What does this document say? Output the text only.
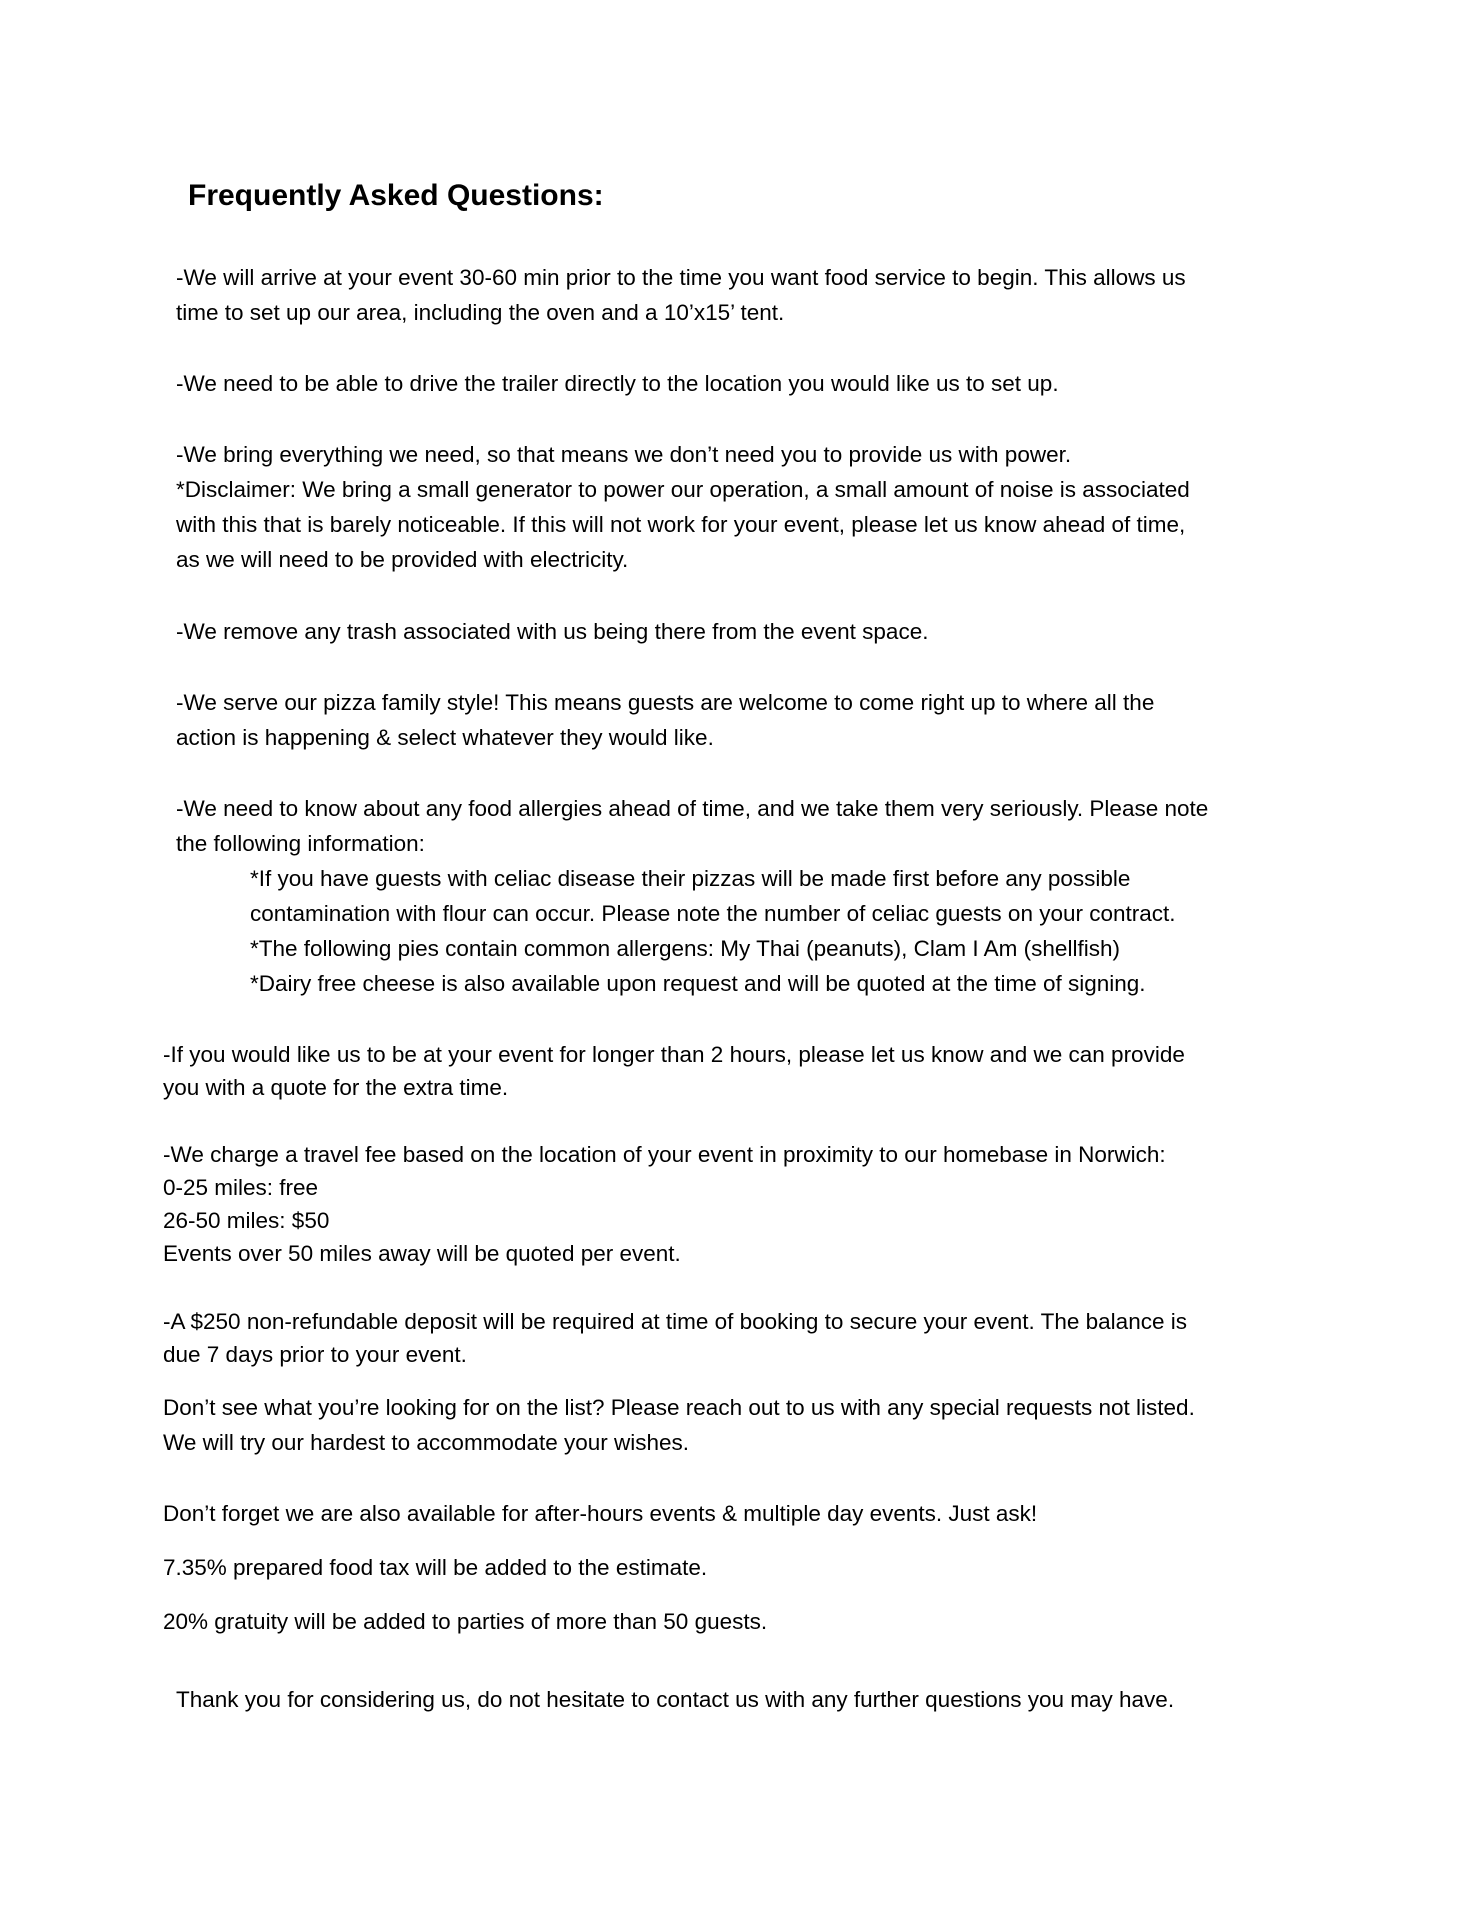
Frequently Asked Questions:

-We will arrive at your event 30-60 min prior to the time you want food service to begin. This allows us
time to set up our area, including the oven and a 10’x15’ tent.

-We need to be able to drive the trailer directly to the location you would like us to set up.

-We bring everything we need, so that means we don’t need you to provide us with power.
*Disclaimer: We bring a small generator to power our operation, a small amount of noise is associated
with this that is barely noticeable. If this will not work for your event, please let us know ahead of time,
as we will need to be provided with electricity.

-We remove any trash associated with us being there from the event space.

-We serve our pizza family style! This means guests are welcome to come right up to where all the
action is happening & select whatever they would like.

-We need to know about any food allergies ahead of time, and we take them very seriously. Please note
the following information:

*If you have guests with celiac disease their pizzas will be made first before any possible
contamination with flour can occur. Please note the number of celiac guests on your contract.
*The following pies contain common allergens: My Thai (peanuts), Clam I Am (shellfish)
*Dairy free cheese is also available upon request and will be quoted at the time of signing.

-If you would like us to be at your event for longer than 2 hours, please let us know and we can provide
you with a quote for the extra time.

-We charge a travel fee based on the location of your event in proximity to our homebase in Norwich:
0-25 miles: free
26-50 miles: $50
Events over 50 miles away will be quoted per event.

-A $250 non-refundable deposit will be required at time of booking to secure your event. The balance is
due 7 days prior to your event.

Don’t see what you’re looking for on the list? Please reach out to us with any special requests not listed.
We will try our hardest to accommodate your wishes.

Don’t forget we are also available for after-hours events & multiple day events. Just ask!

7.35% prepared food tax will be added to the estimate.

20% gratuity will be added to parties of more than 50 guests.

Thank you for considering us, do not hesitate to contact us with any further questions you may have.
